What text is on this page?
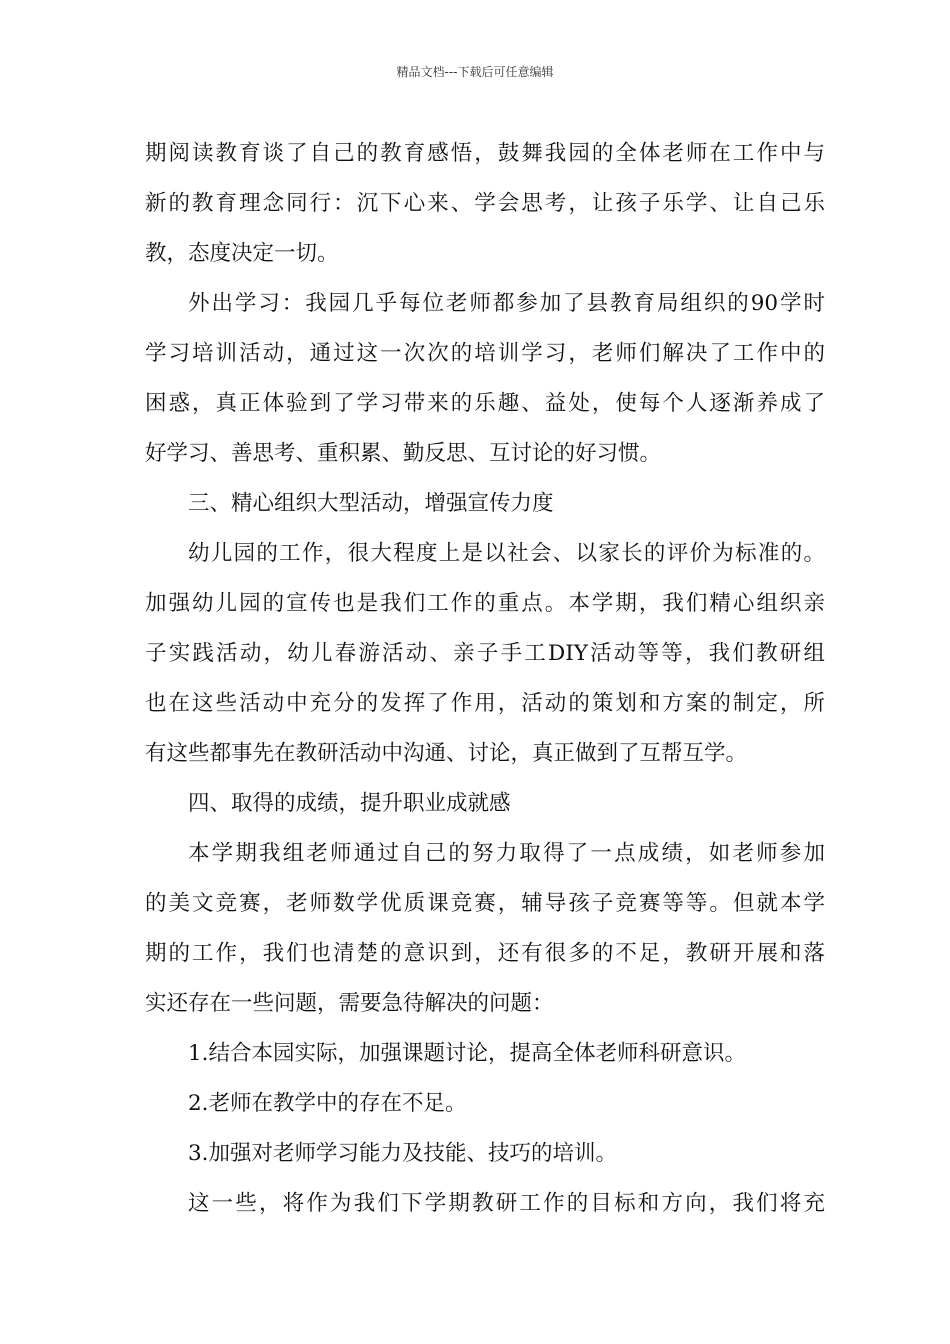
精品文档---下载后可任意编辑
期阅读教育谈了自己的教育感悟，鼓舞我园的全体老师在工作中与
新的教育理念同行：沉下心来、学会思考，让孩子乐学、让自己乐
教，态度决定一切。
外出学习：我园几乎每位老师都参加了县教育局组织的90学时
学习培训活动，通过这一次次的培训学习，老师们解决了工作中的
困惑，真正体验到了学习带来的乐趣、益处，使每个人逐渐养成了
好学习、善思考、重积累、勤反思、互讨论的好习惯。
三、精心组织大型活动，增强宣传力度
幼儿园的工作，很大程度上是以社会、以家长的评价为标准的。
加强幼儿园的宣传也是我们工作的重点。本学期，我们精心组织亲
子实践活动，幼儿春游活动、亲子手工DIY活动等等，我们教研组
也在这些活动中充分的发挥了作用，活动的策划和方案的制定，所
有这些都事先在教研活动中沟通、讨论，真正做到了互帮互学。
四、取得的成绩，提升职业成就感
本学期我组老师通过自己的努力取得了一点成绩，如老师参加
的美文竞赛，老师数学优质课竞赛，辅导孩子竞赛等等。但就本学
期的工作，我们也清楚的意识到，还有很多的不足，教研开展和落
实还存在一些问题，需要急待解决的问题：
1.结合本园实际，加强课题讨论，提高全体老师科研意识。
2.老师在教学中的存在不足。
3.加强对老师学习能力及技能、技巧的培训。
这一些，将作为我们下学期教研工作的目标和方向，我们将充
